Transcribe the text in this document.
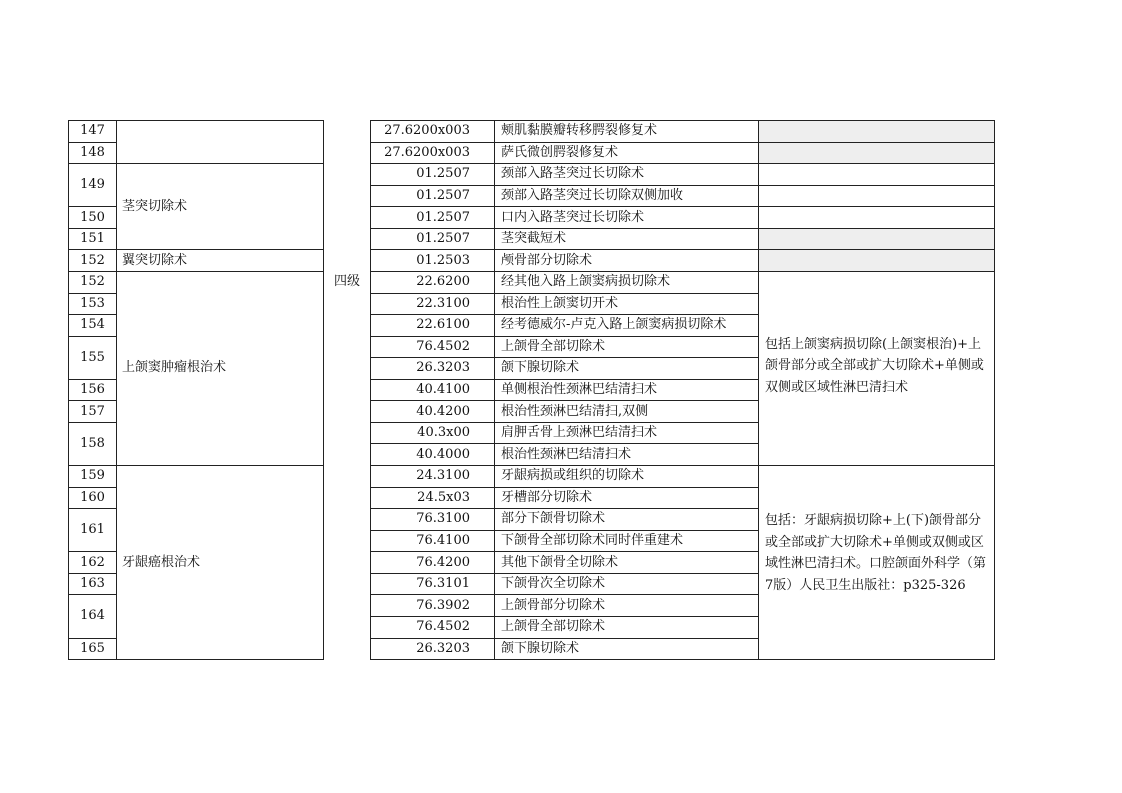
147		四级	27.6200x003	颊肌黏膜瓣转移腭裂修复术	
148			27.6200x003	萨氏微创腭裂修复术	
149	茎突切除术		01.2507	颈部入路茎突过长切除术	
			01.2507	颈部入路茎突过长切除双侧加收	
150			01.2507	口内入路茎突过长切除术	
151			01.2507	茎突截短术	
152	翼突切除术		01.2503	颅骨部分切除术	
152	上颌窦肿瘤根治术		22.6200	经其他入路上颌窦病损切除术	包括上颌窦病损切除(上颌窦根治)+上颌骨部分或全部或扩大切除术+单侧或双侧或区域性淋巴清扫术
153			22.3100	根治性上颌窦切开术	
154			22.6100	经考德威尔-卢克入路上颌窦病损切除术	
155			76.4502	上颌骨全部切除术	
			26.3203	颌下腺切除术	
156			40.4100	单侧根治性颈淋巴结清扫术	
157			40.4200	根治性颈淋巴结清扫,双侧	
158			40.3x00	肩胛舌骨上颈淋巴结清扫术	
			40.4000	根治性颈淋巴结清扫术	
159	牙龈癌根治术		24.3100	牙龈病损或组织的切除术	包括：牙龈病损切除+上(下)颌骨部分或全部或扩大切除术+单侧或双侧或区域性淋巴清扫术。口腔颌面外科学（第7版）人民卫生出版社：p325-326
160			24.5x03	牙槽部分切除术	
161			76.3100	部分下颌骨切除术	
			76.4100	下颌骨全部切除术同时伴重建术	
162			76.4200	其他下颌骨全切除术	
163			76.3101	下颌骨次全切除术	
164			76.3902	上颌骨部分切除术	
			76.4502	上颌骨全部切除术	
165			26.3203	颌下腺切除术	
